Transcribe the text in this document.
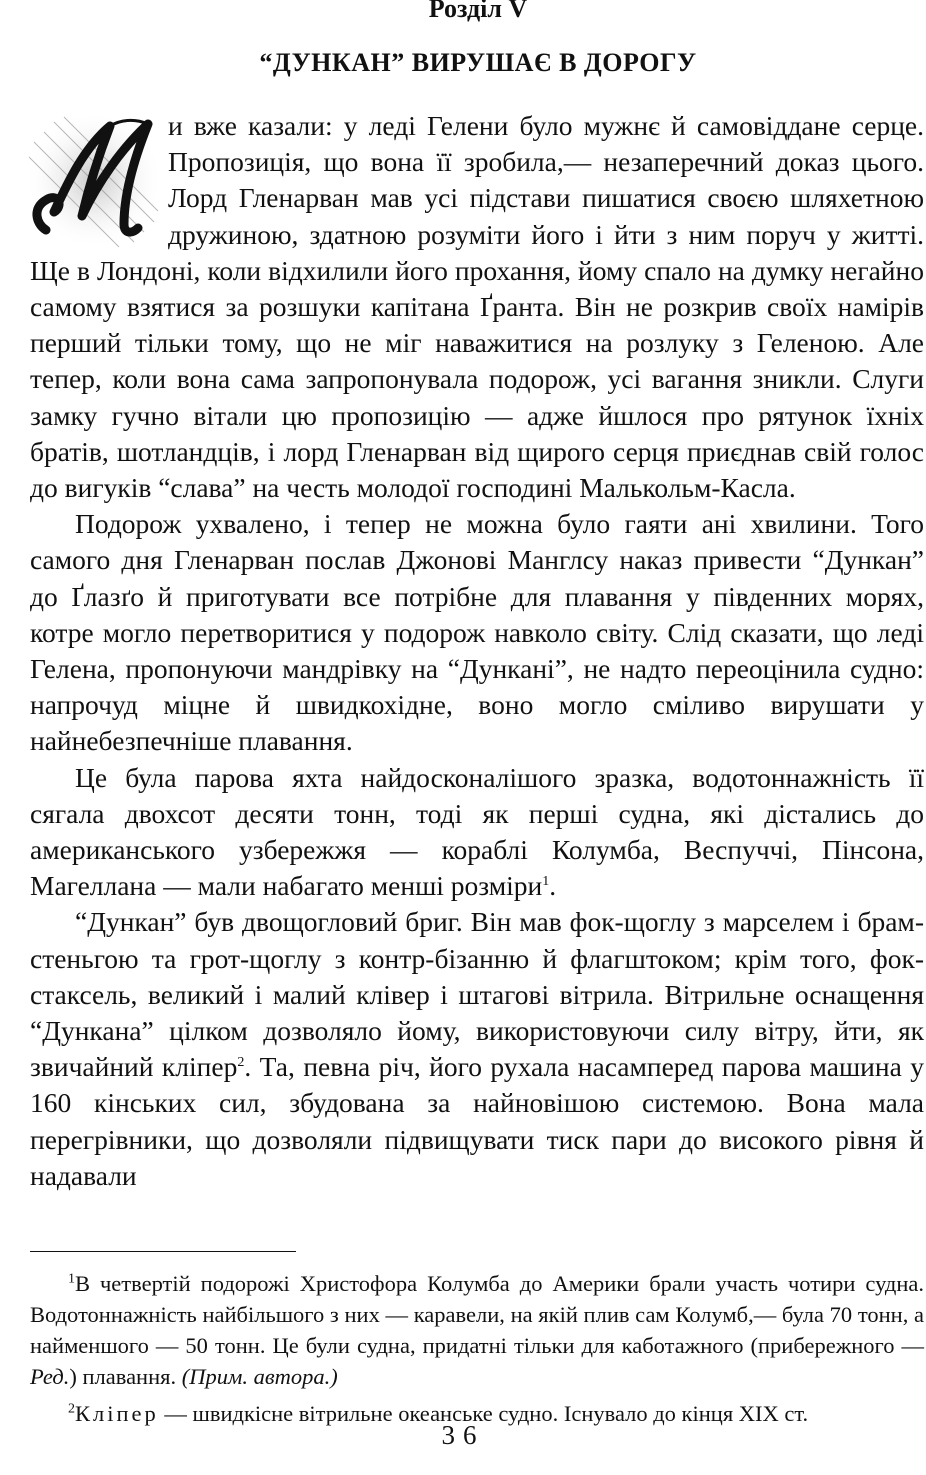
Розділ V
“ДУНКАН” ВИРУШАЄ В ДОРОГУ

и вже казали: у леді Гелени було мужнє й самовіддане серце. Пропозиція, що вона її зробила,— незаперечний доказ цього. Лорд Гленарван мав усі підстави пишатися своєю шляхетною дружиною, здатною розуміти його і йти з ним поруч у житті. Ще в Лондоні, коли відхилили його прохання, йому спало на думку негайно самому взятися за розшуки капітана Ґранта. Він не розкрив своїх намірів перший тільки тому, що не міг наважитися на розлуку з Геленою. Але тепер, коли вона сама запропонувала подорож, усі вагання зникли. Слуги замку гучно вітали цю пропозицію — адже йшлося про рятунок їхніх братів, шотландців, і лорд Гленарван від щирого серця приєднав свій голос до вигуків “слава” на честь молодої господині Малькольм-Касла.

Подорож ухвалено, і тепер не можна було гаяти ані хвилини. Того самого дня Гленарван послав Джонові Манглсу наказ привести “Дункан” до Ґлазґо й приготувати все потрібне для плавання у південних морях, котре могло перетворитися у подорож навколо світу. Слід сказати, що леді Гелена, пропонуючи мандрівку на “Дункані”, не надто переоцінила судно: напрочуд міцне й швидкохідне, воно могло сміливо вирушати у найнебезпечніше плавання.

Це була парова яхта найдосконалішого зразка, водотоннажність її сягала двохсот десяти тонн, тоді як перші судна, які дістались до американського узбережжя — кораблі Колумба, Веспуччі, Пінсона, Магеллана — мали набагато менші розміри$^1$.

“Дункан” був двощогловий бриг. Він мав фок-щоглу з марселем і брам-стеньгою та грот-щоглу з контр-бізанню й флагштоком; крім того, фок-стаксель, великий і малий клівер і штагові вітрила. Вітрильне оснащення “Дункана” цілком дозволяло йому, використовуючи силу вітру, йти, як звичайний кліпер$^2$. Та, певна річ, його рухала насамперед парова машина у 160 кінських сил, збудована за найновішою системою. Вона мала перегрівники, що дозволяли підвищувати тиск пари до високого рівня й надавали

$^1$В четвертій подорожі Христофора Колумба до Америки брали участь чотири судна. Водотоннажність найбільшого з них — каравели, на якій плив сам Колумб,— була 70 тонн, а найменшого — 50 тонн. Це були судна, придатні тільки для каботажного (прибережного — Ред.) плавання. (Прим. автора.)

$^2$Кліпер — швидкісне вітрильне океанське судно. Існувало до кінця XIX ст.

36
